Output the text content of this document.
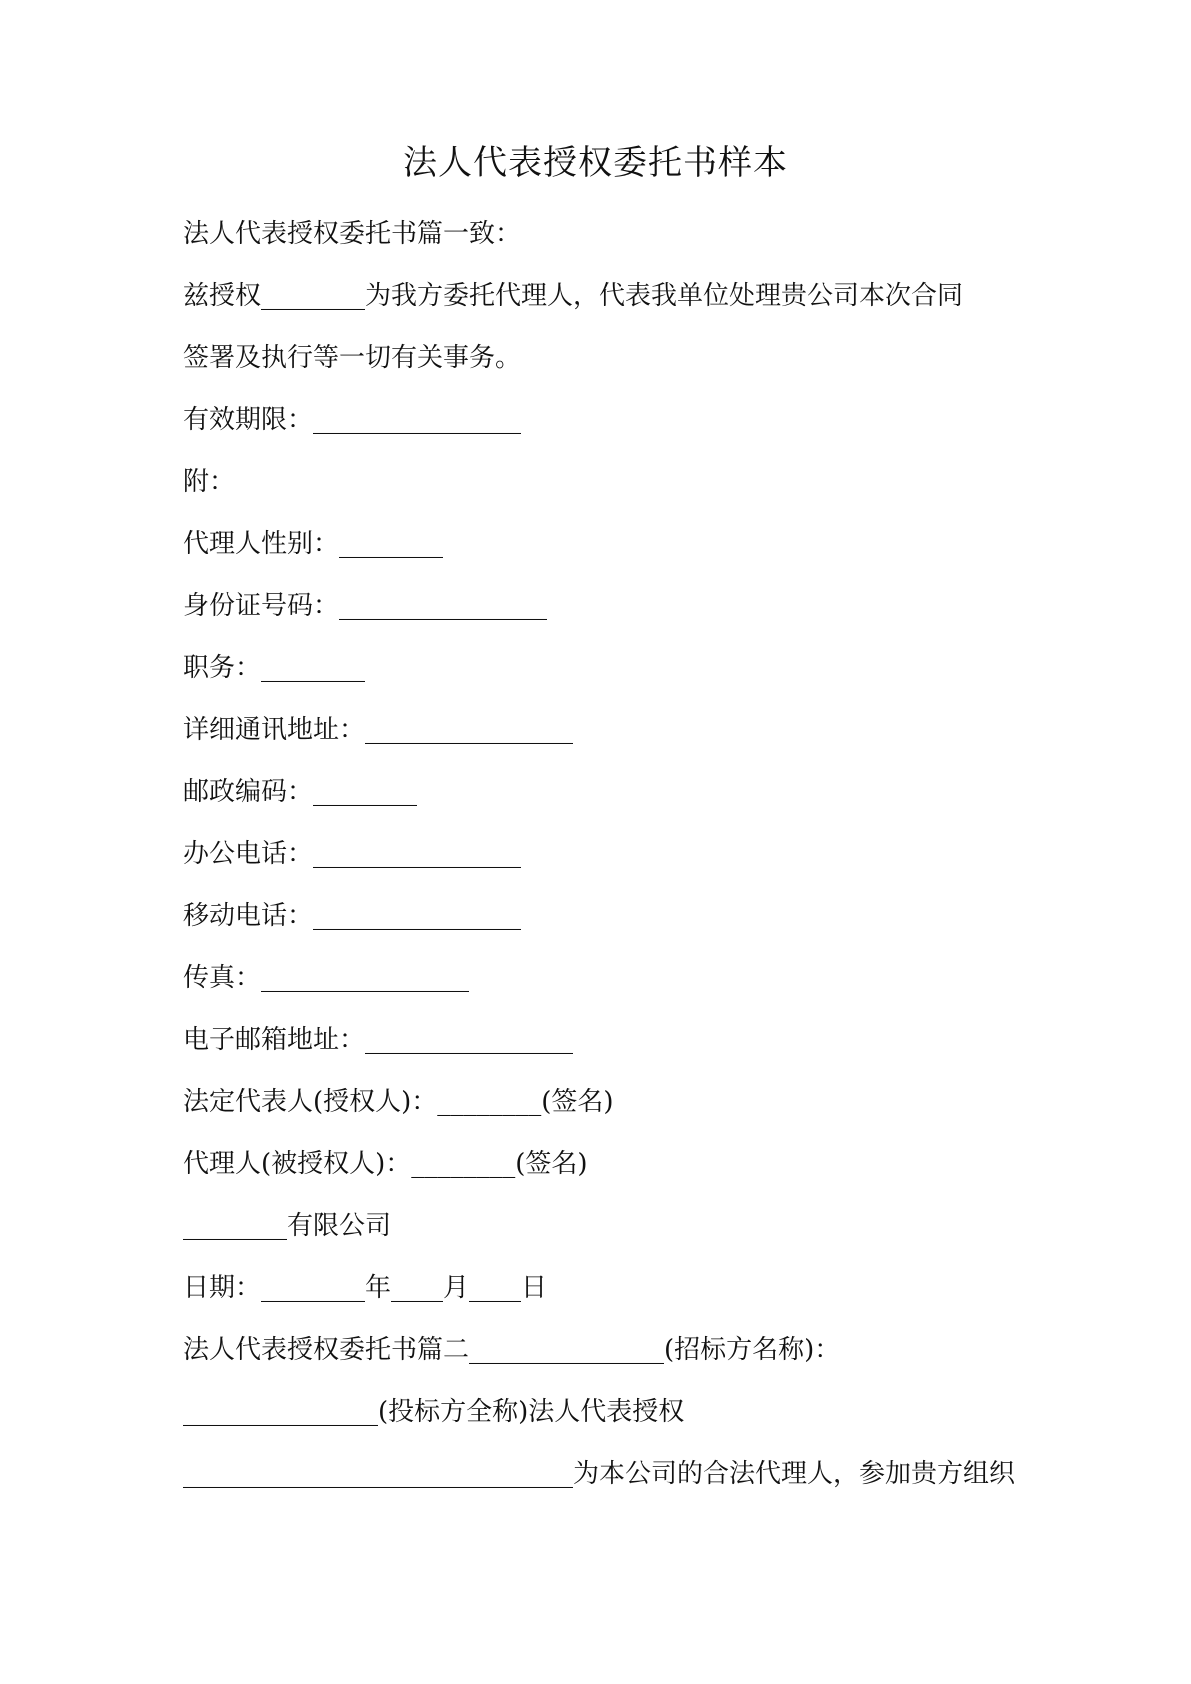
法人代表授权委托书样本
法人代表授权委托书篇一致：
兹授权________为我方委托代理人，代表我单位处理贵公司本次合同
签署及执行等一切有关事务。
有效期限：________________
附：
代理人性别：________
身份证号码：________________
职务：________
详细通讯地址：________________
邮政编码：________
办公电话：________________
移动电话：________________
传真：________________
电子邮箱地址：________________
法定代表人(授权人)：________(签名)
代理人(被授权人)：________(签名)
________有限公司
日期：________年____月____日
法人代表授权委托书篇二_______________(招标方名称)：
_______________(投标方全称)法人代表授权
______________________________为本公司的合法代理人，参加贵方组织
